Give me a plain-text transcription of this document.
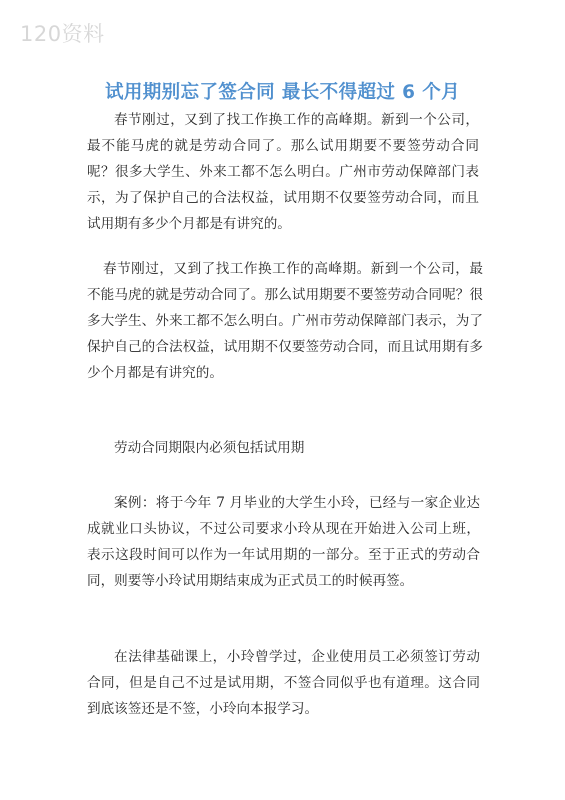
120资料
试用期别忘了签合同 最长不得超过 6 个月

春节刚过，又到了找工作换工作的高峰期。新到一个公司，最不能马虎的就是劳动合同了。那么试用期要不要签劳动合同呢？很多大学生、外来工都不怎么明白。广州市劳动保障部门表示，为了保护自己的合法权益，试用期不仅要签劳动合同，而且试用期有多少个月都是有讲究的。

春节刚过，又到了找工作换工作的高峰期。新到一个公司，最不能马虎的就是劳动合同了。那么试用期要不要签劳动合同呢？很多大学生、外来工都不怎么明白。广州市劳动保障部门表示，为了保护自己的合法权益，试用期不仅要签劳动合同，而且试用期有多少个月都是有讲究的。

劳动合同期限内必须包括试用期

案例：将于今年 7 月毕业的大学生小玲，已经与一家企业达成就业口头协议，不过公司要求小玲从现在开始进入公司上班，表示这段时间可以作为一年试用期的一部分。至于正式的劳动合同，则要等小玲试用期结束成为正式员工的时候再签。

在法律基础课上，小玲曾学过，企业使用员工必须签订劳动合同，但是自己不过是试用期，不签合同似乎也有道理。这合同到底该签还是不签，小玲向本报学习。
